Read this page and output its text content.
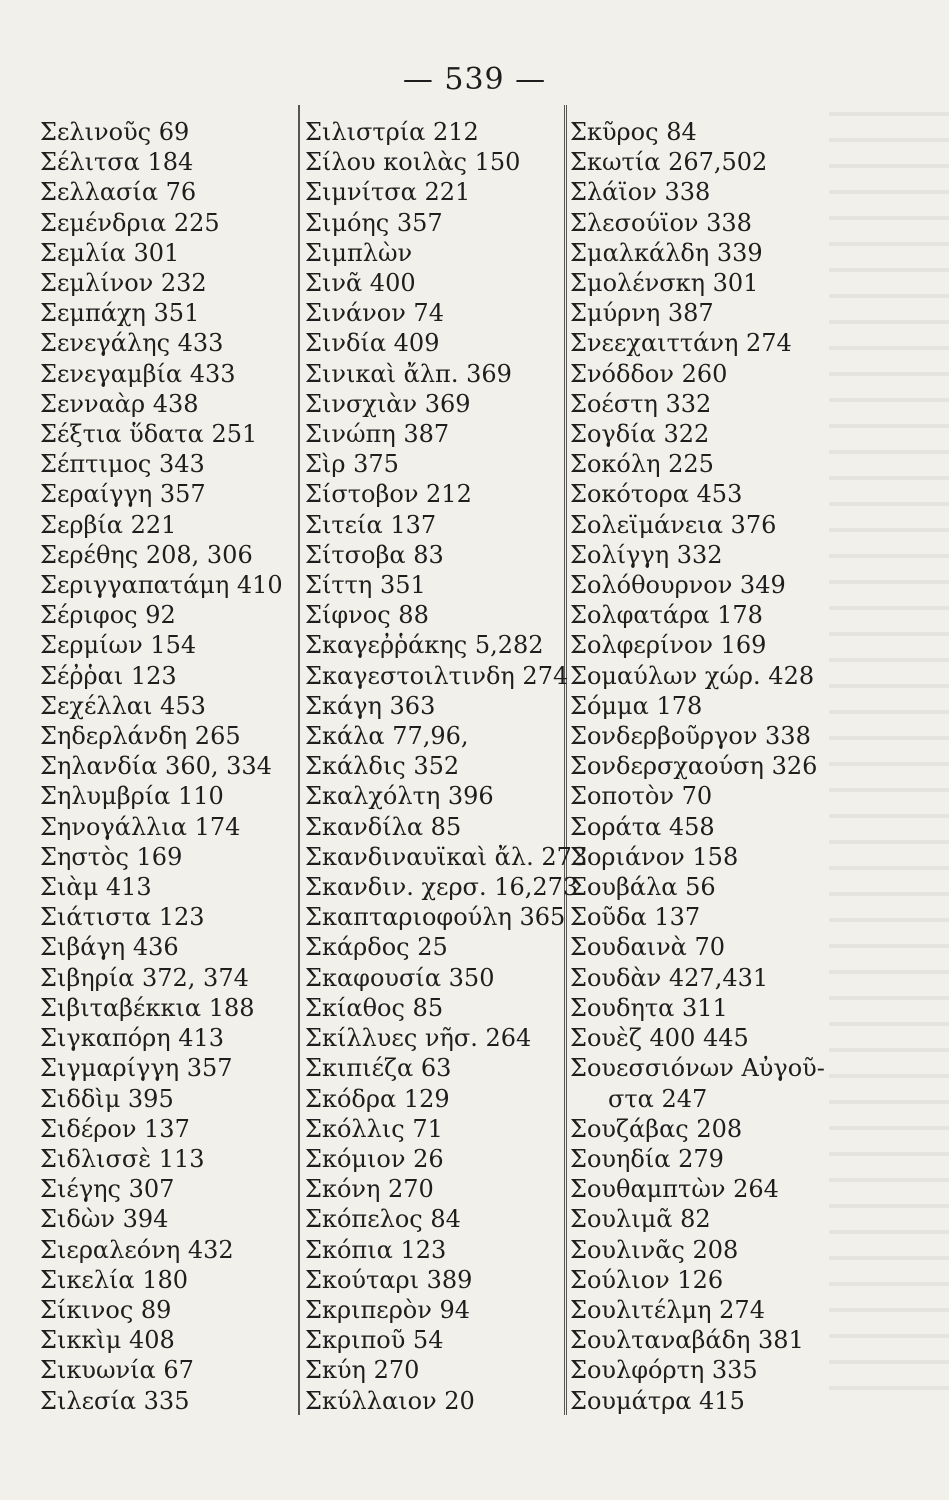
— 539 —
Σελινοῦς 69
Σέλιτσα 184
Σελλασία 76
Σεμένδρια 225
Σεμλία 301
Σεμλίνον 232
Σεμπάχη 351
Σενεγάλης 433
Σενεγαμβία 433
Σενναὰρ 438
Σέξτια ὕδατα 251
Σέπτιμος 343
Σεραίγγη 357
Σερβία 221
Σερέθης 208, 306
Σεριγγαπατάμη 410
Σέριφος 92
Σερμίων 154
Σέῤῥαι 123
Σεχέλλαι 453
Σηδερλάνδη 265
Σηλανδία 360, 334
Σηλυμβρία 110
Σηνογάλλια 174
Σηστὸς 169
Σιὰμ 413
Σιάτιστα 123
Σιβάγη 436
Σιβηρία 372, 374
Σιβιταβέκκια 188
Σιγκαπόρη 413
Σιγμαρίγγη 357
Σιδδὶμ 395
Σιδέρον 137
Σιδλισσὲ 113
Σιέγης 307
Σιδὼν 394
Σιεραλεόνη 432
Σικελία 180
Σίκινος 89
Σικκὶμ 408
Σικυωνία 67
Σιλεσία 335
Σιλιστρία 212
Σίλου κοιλὰς 150
Σιμνίτσα 221
Σιμόης 357
Σιμπλὼν
Σινᾶ 400
Σινάνον 74
Σινδία 409
Σινικαὶ ἄλπ. 369
Σινσχιὰν 369
Σινώπη 387
Σὶρ 375
Σίστοβον 212
Σιτεία 137
Σίτσοβα 83
Σίττη 351
Σίφνος 88
Σκαγεῤῥάκης 5,282
Σκαγεστοιλτινδη 274
Σκάγη 363
Σκάλα 77,96,
Σκάλδις 352
Σκαλχόλτη 396
Σκανδίλα 85
Σκανδιναυϊκαὶ ἄλ. 273
Σκανδιν. χερσ. 16,273
Σκαπταριοφούλη 365
Σκάρδος 25
Σκαφουσία 350
Σκίαθος 85
Σκίλλυες νῆσ. 264
Σκιπιέζα 63
Σκόδρα 129
Σκόλλις 71
Σκόμιον 26
Σκόνη 270
Σκόπελος 84
Σκόπια 123
Σκούταρι 389
Σκριπερὸν 94
Σκριποῦ 54
Σκύη 270
Σκύλλαιον 20
Σκῦρος 84
Σκωτία 267,502
Σλάϊον 338
Σλεσούϊον 338
Σμαλκάλδη 339
Σμολένσκη 301
Σμύρνη 387
Σνεεχαιττάνη 274
Σνόδδον 260
Σοέστη 332
Σογδία 322
Σοκόλη 225
Σοκότορα 453
Σολεϊμάνεια 376
Σολίγγη 332
Σολόθουρνον 349
Σολφατάρα 178
Σολφερίνον 169
Σομαύλων χώρ. 428
Σόμμα 178
Σονδερβοῦργον 338
Σονδερσχαούση 326
Σοποτὸν 70
Σοράτα 458
Σοριάνον 158
Σουβάλα 56
Σοῦδα 137
Σουδαινὰ 70
Σουδὰν 427,431
Σουδητα 311
Σουὲζ 400 445
Σουεσσιόνων Αὐγοῦ-
στα 247
Σουζάβας 208
Σουηδία 279
Σουθαμπτὼν 264
Σουλιμᾶ 82
Σουλινᾶς 208
Σούλιον 126
Σουλιτέλμη 274
Σουλταναβάδη 381
Σουλφόρτη 335
Σουμάτρα 415
